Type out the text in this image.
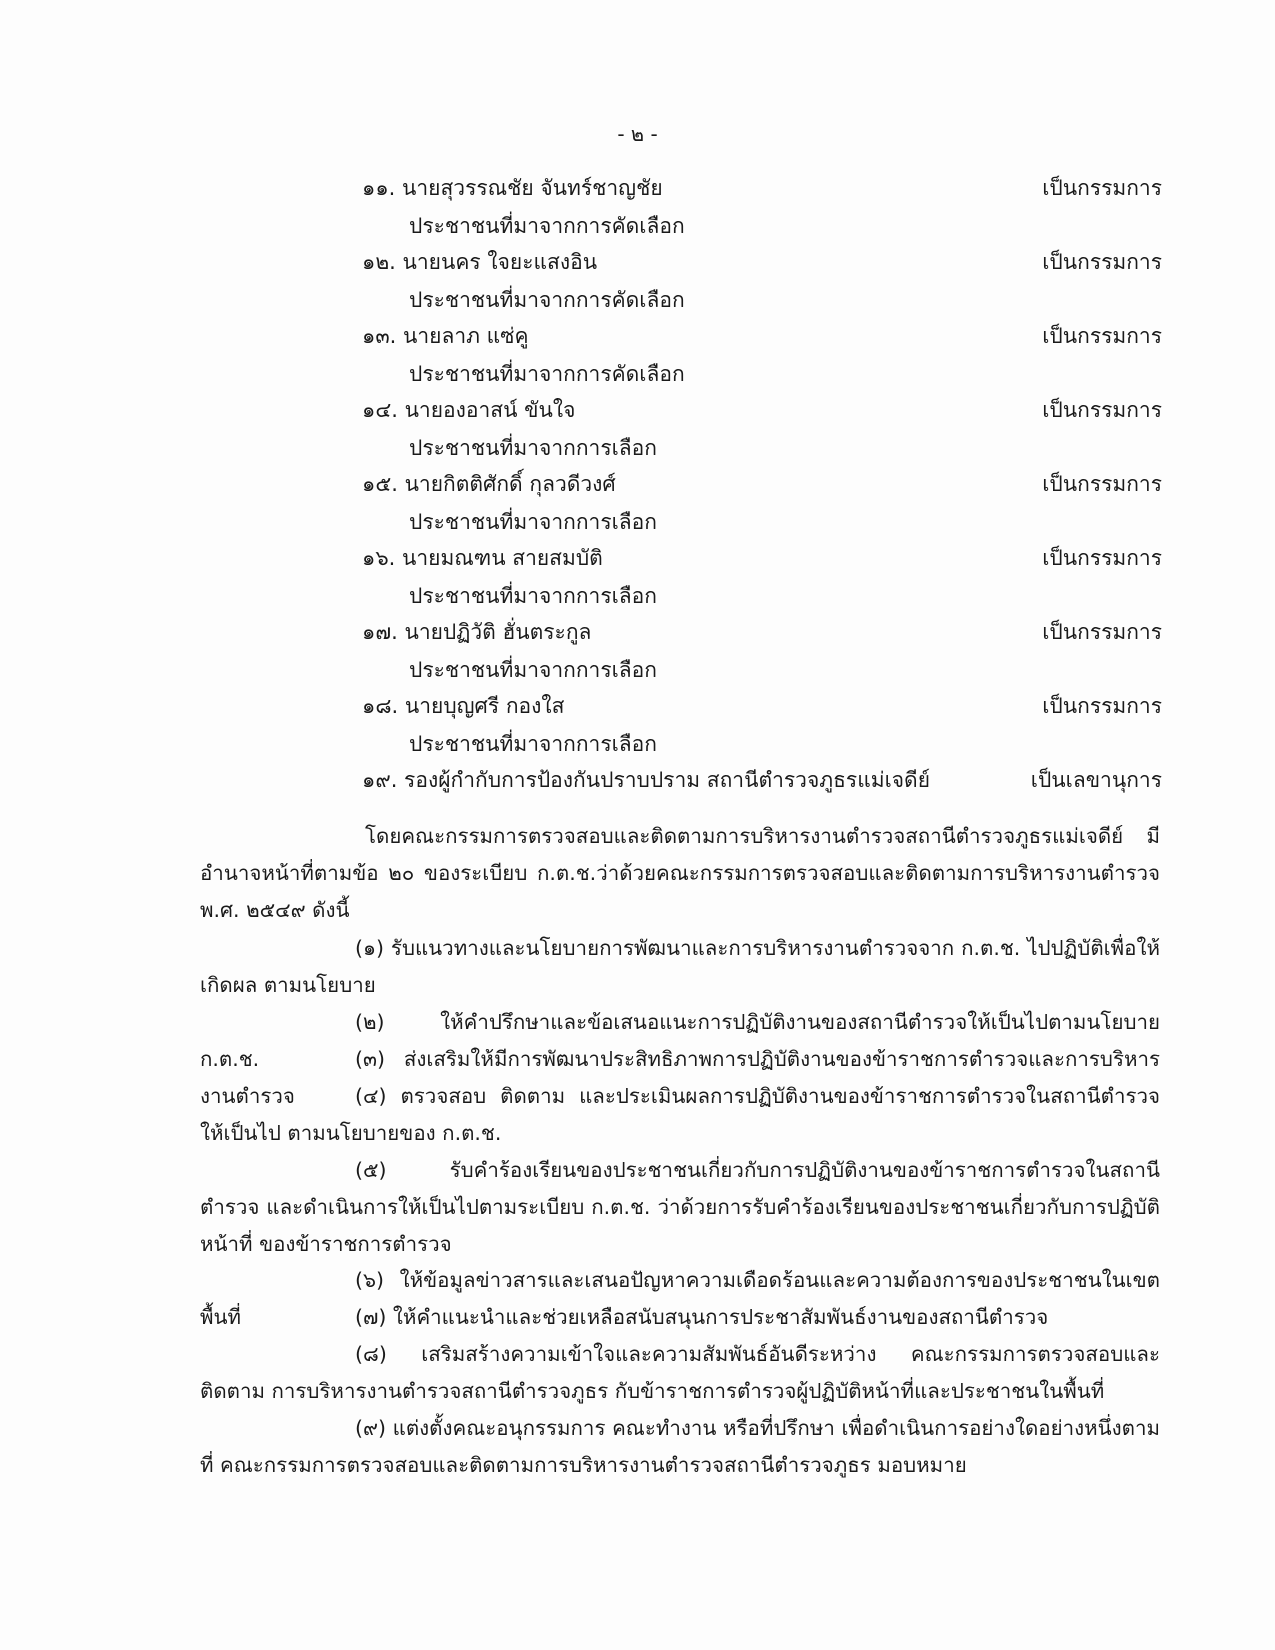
- ๒ -
๑๑. นายสุวรรณชัย จันทร์ชาญชัย	เป็นกรรมการ
ประชาชนที่มาจากการคัดเลือก
๑๒. นายนคร ใจยะแสงอิน	เป็นกรรมการ
ประชาชนที่มาจากการคัดเลือก
๑๓. นายลาภ แซ่คู	เป็นกรรมการ
ประชาชนที่มาจากการคัดเลือก
๑๔. นายองอาสน์ ขันใจ	เป็นกรรมการ
ประชาชนที่มาจากการเลือก
๑๕. นายกิตติศักดิ์ กุลวดีวงศ์	เป็นกรรมการ
ประชาชนที่มาจากการเลือก
๑๖. นายมณฑน สายสมบัติ	เป็นกรรมการ
ประชาชนที่มาจากการเลือก
๑๗. นายปฏิวัติ ฮั่นตระกูล	เป็นกรรมการ
ประชาชนที่มาจากการเลือก
๑๘. นายบุญศรี กองใส	เป็นกรรมการ
ประชาชนที่มาจากการเลือก
๑๙. รองผู้กำกับการป้องกันปราบปราม สถานีตำรวจภูธรแม่เจดีย์	เป็นเลขานุการ
โดยคณะกรรมการตรวจสอบและติดตามการบริหารงานตำรวจสถานีตำรวจภูธรแม่เจดีย์ มีอำนาจหน้าที่ตามข้อ ๒๐ ของระเบียบ ก.ต.ช.ว่าด้วยคณะกรรมการตรวจสอบและติดตามการบริหารงานตำรวจ พ.ศ. ๒๕๔๙ ดังนี้
(๑) รับแนวทางและนโยบายการพัฒนาและการบริหารงานตำรวจจาก ก.ต.ช. ไปปฏิบัติเพื่อให้เกิดผล ตามนโยบาย
(๒) ให้คำปรึกษาและข้อเสนอแนะการปฏิบัติงานของสถานีตำรวจให้เป็นไปตามนโยบาย ก.ต.ช.	(๓) ส่งเสริมให้มีการพัฒนาประสิทธิภาพการปฏิบัติงานของข้าราชการตำรวจและการบริหารงานตำรวจ	(๔) ตรวจสอบ ติดตาม และประเมินผลการปฏิบัติงานของข้าราชการตำรวจในสถานีตำรวจให้เป็นไป ตามนโยบายของ ก.ต.ช.
(๕) รับคำร้องเรียนของประชาชนเกี่ยวกับการปฏิบัติงานของข้าราชการตำรวจในสถานีตำรวจ และดำเนินการให้เป็นไปตามระเบียบ ก.ต.ช. ว่าด้วยการรับคำร้องเรียนของประชาชนเกี่ยวกับการปฏิบัติหน้าที่ ของข้าราชการตำรวจ
(๖) ให้ข้อมูลข่าวสารและเสนอปัญหาความเดือดร้อนและความต้องการของประชาชนในเขตพื้นที่	(๗) ให้คำแนะนำและช่วยเหลือสนับสนุนการประชาสัมพันธ์งานของสถานีตำรวจ
(๘) เสริมสร้างความเข้าใจและความสัมพันธ์อันดีระหว่าง คณะกรรมการตรวจสอบและติดตาม การบริหารงานตำรวจสถานีตำรวจภูธร กับข้าราชการตำรวจผู้ปฏิบัติหน้าที่และประชาชนในพื้นที่
(๙) แต่งตั้งคณะอนุกรรมการ คณะทำงาน หรือที่ปรึกษา เพื่อดำเนินการอย่างใดอย่างหนึ่งตามที่ คณะกรรมการตรวจสอบและติดตามการบริหารงานตำรวจสถานีตำรวจภูธร มอบหมาย
